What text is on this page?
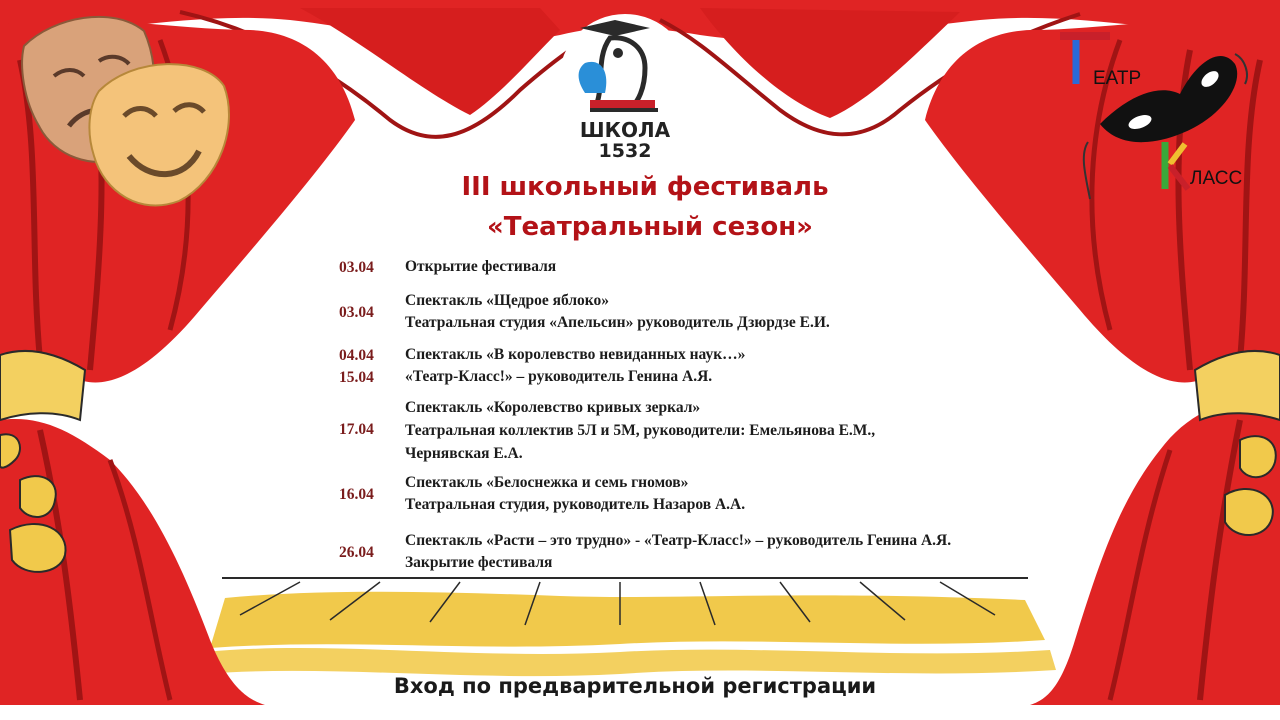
ШКОЛА
1532
ЕАТР
ЛАСС
III школьный фестиваль
«Театральный сезон»
03.04	Открытие фестиваля
03.04
Спектакль «Щедрое яблоко»
Театральная студия «Апельсин» руководитель Дзюрдзе Е.И.
04.04
15.04
Спектакль «В королевство невиданных наук…»
«Театр-Класс!» – руководитель Генина А.Я.
17.04
Спектакль «Королевство кривых зеркал»
Театральная коллектив 5Л и 5М, руководители: Емельянова Е.М.,
Чернявская Е.А.
16.04
Спектакль «Белоснежка и семь гномов»
Театральная студия, руководитель Назаров А.А.
26.04
Спектакль «Расти – это трудно» - «Театр-Класс!» – руководитель Генина А.Я.
Закрытие фестиваля
Вход по предварительной регистрации
